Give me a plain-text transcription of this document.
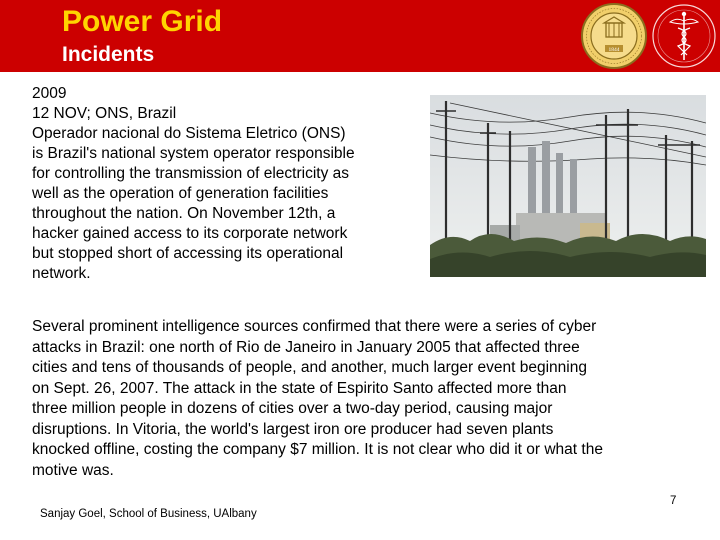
Power Grid
Incidents	1844
2009
12 NOV; ONS, Brazil
Operador nacional do Sistema Eletrico (ONS)
is Brazil's national system operator responsible
for controlling the transmission of electricity as
well as the operation of generation facilities
throughout the nation. On November 12th, a
hacker gained access to its corporate network
but stopped short of accessing its operational
network.
Several prominent intelligence sources confirmed that there were a series of cyber
attacks in Brazil: one north of Rio de Janeiro in January 2005 that affected three
cities and tens of thousands of people, and another, much larger event beginning
on Sept. 26, 2007. The attack in the state of Espirito Santo affected more than
three million people in dozens of cities over a two-day period, causing major
disruptions. In Vitoria, the world's largest iron ore producer had seven plants
knocked offline, costing the company $7 million. It is not clear who did it or what the
motive was.
Sanjay Goel, School of Business, UAlbany
7
